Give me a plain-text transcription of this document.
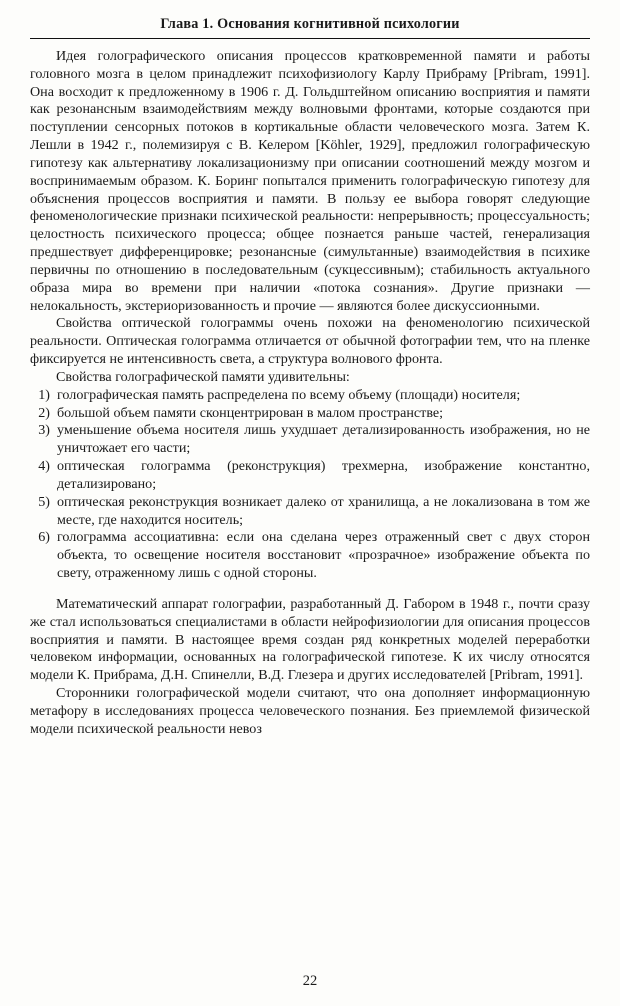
Глава 1. Основания когнитивной психологии

Идея голографического описания процессов кратковременной памяти и работы головного мозга в целом принадлежит психофизиологу Карлу Прибраму [Pribram, 1991]. Она восходит к предложенному в 1906 г. Д. Гольдштейном описанию восприятия и памяти как резонансным взаимодействиям между волновыми фронтами, которые создаются при поступлении сенсорных потоков в кортикальные области человеческого мозга. Затем К. Лешли в 1942 г., полемизируя с В. Келером [Köhler, 1929], предложил голографическую гипотезу как альтернативу локализационизму при описании соотношений между мозгом и воспринимаемым образом. К. Боринг попытался применить голографическую гипотезу для объяснения процессов восприятия и памяти. В пользу ее выбора говорят следующие феноменологические признаки психической реальности: непрерывность; процессуальность; целостность психического процесса; общее познается раньше частей, генерализация предшествует дифференцировке; резонансные (симультанные) взаимодействия в психике первичны по отношению в последовательным (сукцессивным); стабильность актуального образа мира во времени при наличии «потока сознания». Другие признаки — нелокальность, экстериоризованность и прочие — являются более дискуссионными.

Свойства оптической голограммы очень похожи на феноменологию психической реальности. Оптическая голограмма отличается от обычной фотографии тем, что на пленке фиксируется не интенсивность света, а структура волнового фронта.

Свойства голографической памяти удивительны:

1) голографическая память распределена по всему объему (площади) носителя;
2) большой объем памяти сконцентрирован в малом пространстве;
3) уменьшение объема носителя лишь ухудшает детализированность изображения, но не уничтожает его части;
4) оптическая голограмма (реконструкция) трехмерна, изображение константно, детализировано;
5) оптическая реконструкция возникает далеко от хранилища, а не локализована в том же месте, где находится носитель;
6) голограмма ассоциативна: если она сделана через отраженный свет с двух сторон объекта, то освещение носителя восстановит «прозрачное» изображение объекта по свету, отраженному лишь с одной стороны.

Математический аппарат голографии, разработанный Д. Габором в 1948 г., почти сразу же стал использоваться специалистами в области нейрофизиологии для описания процессов восприятия и памяти. В настоящее время создан ряд конкретных моделей переработки человеком информации, основанных на голографической гипотезе. К их числу относятся модели К. Прибрама, Д.Н. Спинелли, В.Д. Глезера и других исследователей [Pribram, 1991].

Сторонники голографической модели считают, что она дополняет информационную метафору в исследованиях процесса человеческого познания. Без приемлемой физической модели психической реальности невоз

22
